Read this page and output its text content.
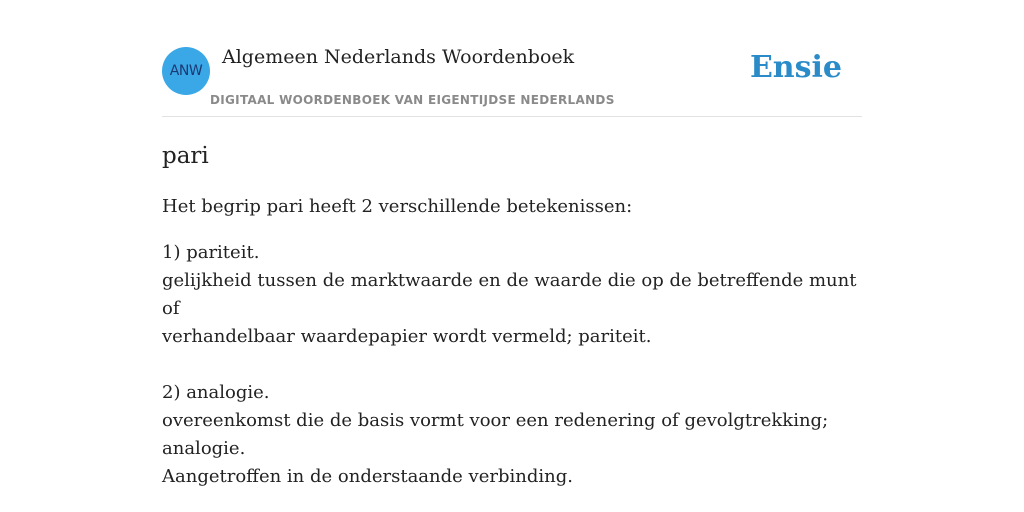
ANW
Algemeen Nederlands Woordenboek
DIGITAAL WOORDENBOEK VAN EIGENTIJDSE NEDERLANDS
Ensie
pari

Het begrip pari heeft 2 verschillende betekenissen:

1) pariteit.
gelijkheid tussen de marktwaarde en de waarde die op de betreffende munt of
verhandelbaar waardepapier wordt vermeld; pariteit.
2) analogie.
overeenkomst die de basis vormt voor een redenering of gevolgtrekking;
analogie.
Aangetroffen in de onderstaande verbinding.
